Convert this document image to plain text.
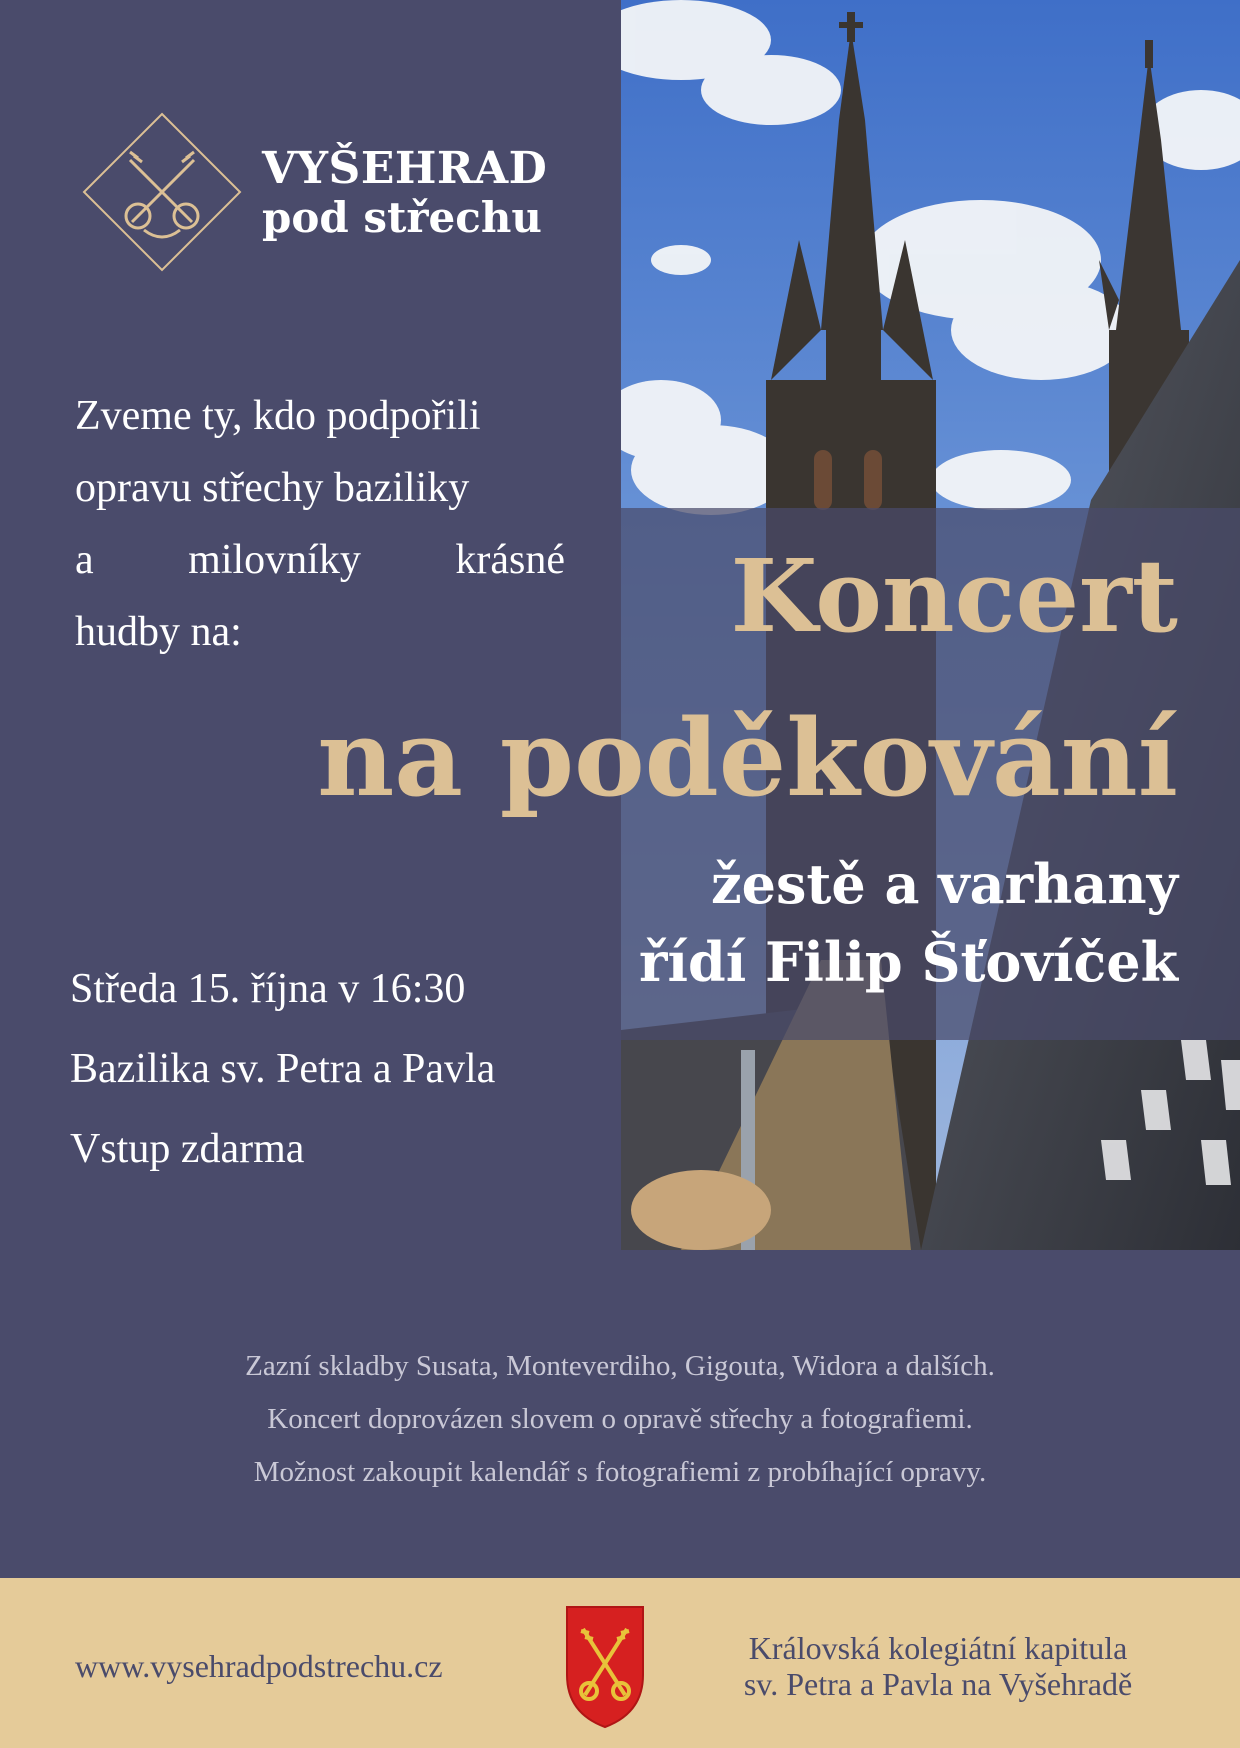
VYŠEHRAD
pod střechu
Zveme ty, kdo podpořili
opravu střechy baziliky
a milovníky krásné
hudby na:	Koncert
na poděkování
žestě a varhany
řídí Filip Šťovíček
Středa 15. října v 16:30
Bazilika sv. Petra a Pavla
Vstup zdarma

Zazní skladby Susata, Monteverdiho, Gigouta, Widora a dalších.

Koncert doprovázen slovem o opravě střechy a fotografiemi.

Možnost zakoupit kalendář s fotografiemi z probíhající opravy.

www.vysehradpodstrechu.cz	Královská kolegiátní kapitula
sv. Petra a Pavla na Vyšehradě
